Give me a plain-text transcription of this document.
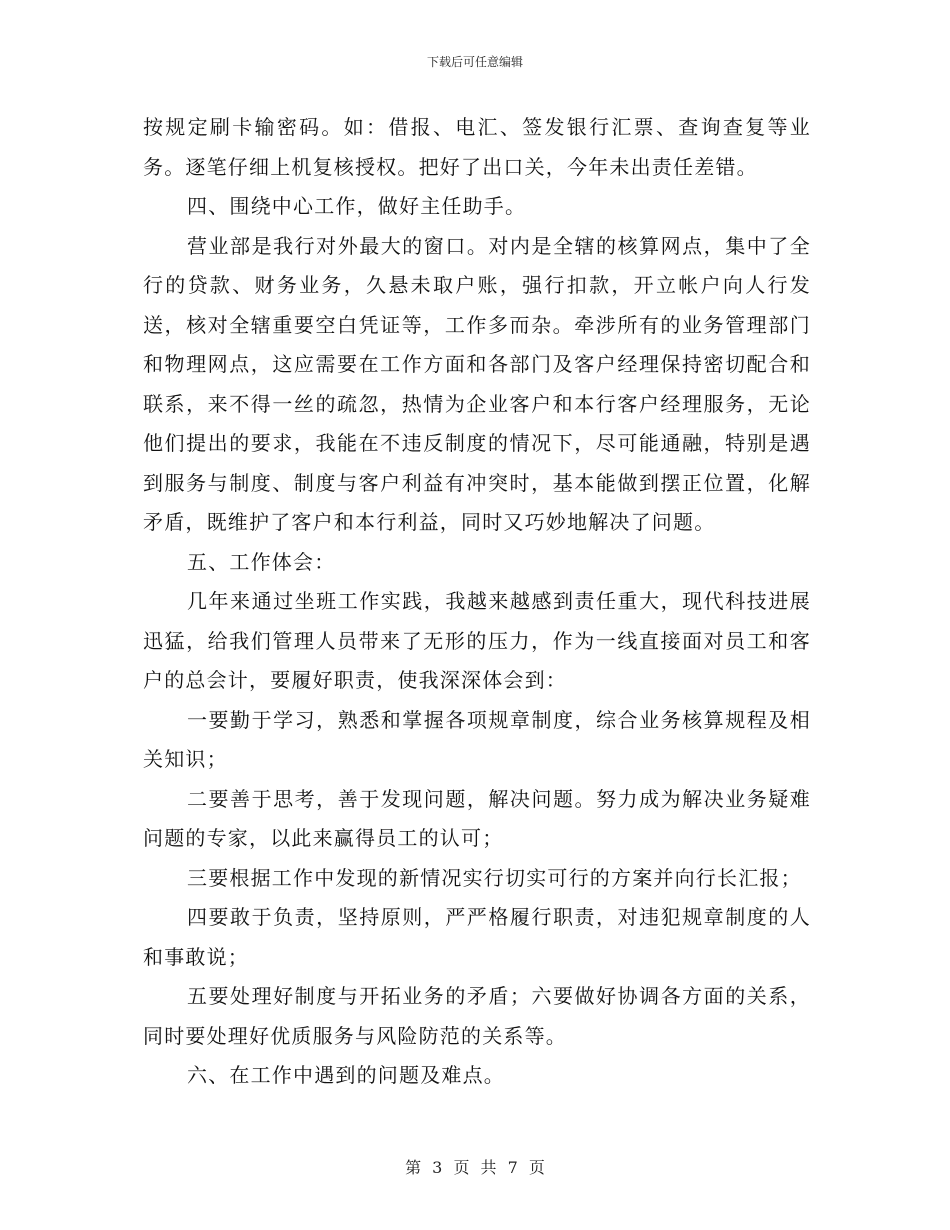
下载后可任意编辑

按规定刷卡输密码。如：借报、电汇、签发银行汇票、查询查复等业务。逐笔仔细上机复核授权。把好了出口关，今年未出责任差错。

四、围绕中心工作，做好主任助手。

营业部是我行对外最大的窗口。对内是全辖的核算网点，集中了全行的贷款、财务业务，久悬未取户账，强行扣款，开立帐户向人行发送，核对全辖重要空白凭证等，工作多而杂。牵涉所有的业务管理部门和物理网点，这应需要在工作方面和各部门及客户经理保持密切配合和联系，来不得一丝的疏忽，热情为企业客户和本行客户经理服务，无论他们提出的要求，我能在不违反制度的情况下，尽可能通融，特别是遇到服务与制度、制度与客户利益有冲突时，基本能做到摆正位置，化解矛盾，既维护了客户和本行利益，同时又巧妙地解决了问题。

五、工作体会：

几年来通过坐班工作实践，我越来越感到责任重大，现代科技进展迅猛，给我们管理人员带来了无形的压力，作为一线直接面对员工和客户的总会计，要履好职责，使我深深体会到：

一要勤于学习，熟悉和掌握各项规章制度，综合业务核算规程及相关知识；

二要善于思考，善于发现问题，解决问题。努力成为解决业务疑难问题的专家，以此来赢得员工的认可；

三要根据工作中发现的新情况实行切实可行的方案并向行长汇报；

四要敢于负责，坚持原则，严严格履行职责，对违犯规章制度的人和事敢说；

五要处理好制度与开拓业务的矛盾；六要做好协调各方面的关系，同时要处理好优质服务与风险防范的关系等。

六、在工作中遇到的问题及难点。

第 3 页 共 7 页
